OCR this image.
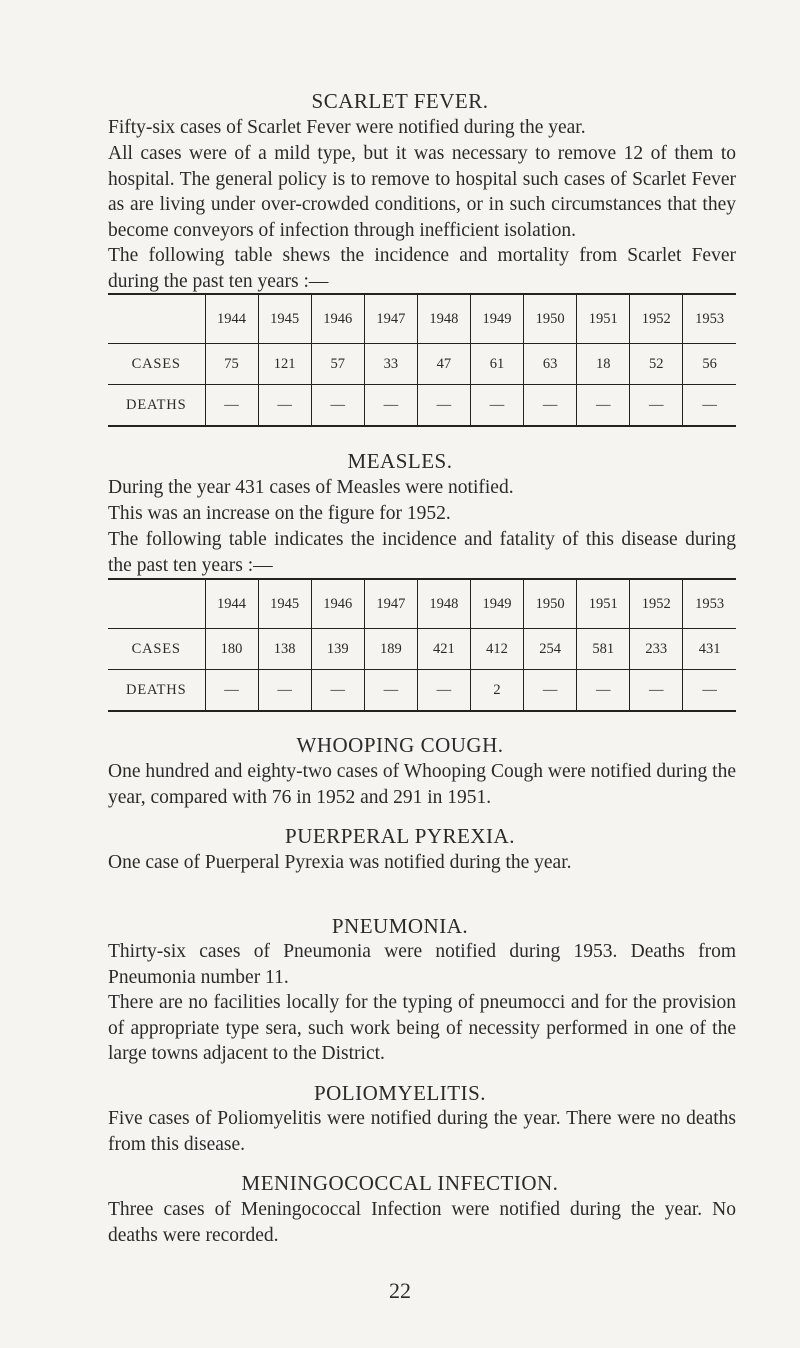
SCARLET FEVER.

Fifty-six cases of Scarlet Fever were notified during the year.

All cases were of a mild type, but it was necessary to remove 12 of them to hospital. The general policy is to remove to hospital such cases of Scarlet Fever as are living under over-crowded conditions, or in such circumstances that they become conveyors of infection through inefficient isolation.

The following table shews the incidence and mortality from Scarlet Fever during the past ten years :—

	1944	1945	1946	1947	1948	1949	1950	1951	1952	1953
CASES	75	121	57	33	47	61	63	18	52	56
DEATHS	—	—	—	—	—	—	—	—	—	—
MEASLES.

During the year 431 cases of Measles were notified.

This was an increase on the figure for 1952.

The following table indicates the incidence and fatality of this disease during the past ten years :—

	1944	1945	1946	1947	1948	1949	1950	1951	1952	1953
CASES	180	138	139	189	421	412	254	581	233	431
DEATHS	—	—	—	—	—	2	—	—	—	—
WHOOPING COUGH.

One hundred and eighty-two cases of Whooping Cough were notified during the year, compared with 76 in 1952 and 291 in 1951.

PUERPERAL PYREXIA.

One case of Puerperal Pyrexia was notified during the year.

PNEUMONIA.

Thirty-six cases of Pneumonia were notified during 1953. Deaths from Pneumonia number 11.

There are no facilities locally for the typing of pneumocci and for the provision of appropriate type sera, such work being of necessity performed in one of the large towns adjacent to the District.

POLIOMYELITIS.

Five cases of Poliomyelitis were notified during the year. There were no deaths from this disease.

MENINGOCOCCAL INFECTION.

Three cases of Meningococcal Infection were notified during the year. No deaths were recorded.

22
